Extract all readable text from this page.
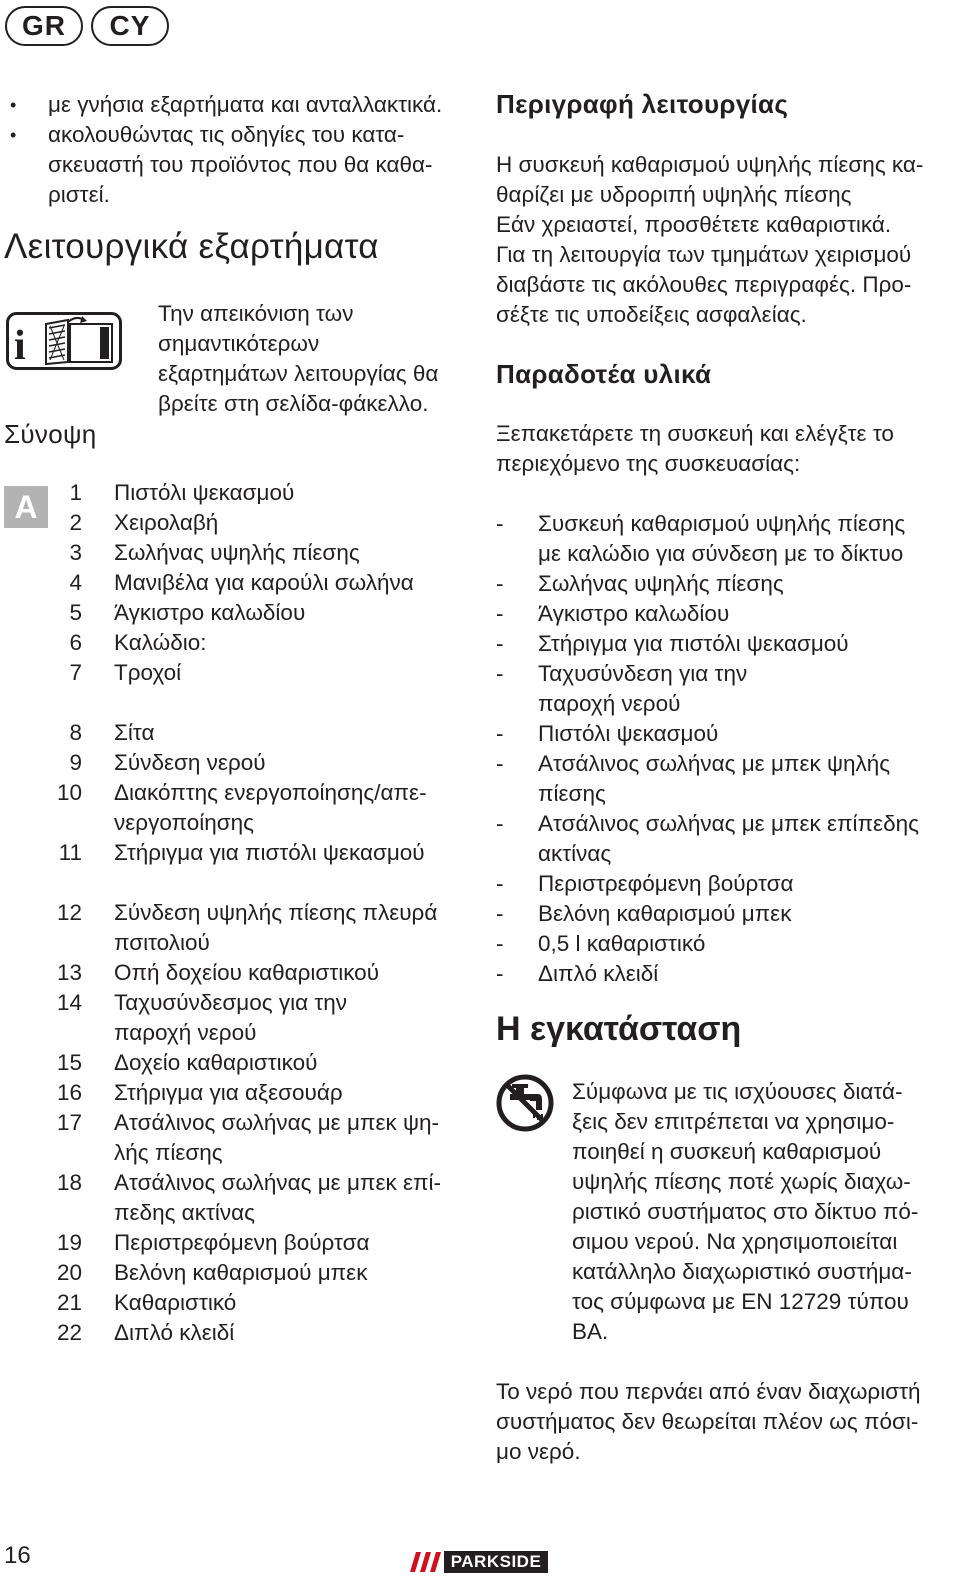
GR	CY
• με γνήσια εξαρτήματα και ανταλλακτικά.
• ακολουθώντας τις οδηγίες του κατα-
σκευαστή του προϊόντος που θα καθα-
ριστεί.
Λειτουργικά εξαρτήματα
i
Την απεικόνιση των
σημαντικότερων
εξαρτημάτων λειτουργίας θα
βρείτε στη σελίδα-φάκελλο.
Σύνοψη
A	1 Πιστόλι ψεκασμού
2 Χειρολαβή
3 Σωλήνας υψηλής πίεσης
4 Μανιβέλα για καρούλι σωλήνα
5 Άγκιστρο καλωδίου
6 Καλώδιο:
7 Τροχοί
8 Σίτα
9 Σύνδεση νερού
10 Διακόπτης ενεργοποίησης/απε-
νεργοποίησης
11 Στήριγμα για πιστόλι ψεκασμού
12 Σύνδεση υψηλής πίεσης πλευρά
πσιτολιού
13 Οπή δοχείου καθαριστικού
14 Ταχυσύνδεσμος για την
παροχή νερού
15 Δοχείο καθαριστικού
16 Στήριγμα για αξεσουάρ
17 Ατσάλινος σωλήνας με μπεκ ψη-
λής πίεσης
18 Ατσάλινος σωλήνας με μπεκ επί-
πεδης ακτίνας
19 Περιστρεφόμενη βούρτσα
20 Βελόνη καθαρισμού μπεκ
21 Καθαριστικό
22 Διπλό κλειδί
Περιγραφή λειτουργίας
Η συσκευή καθαρισμού υψηλής πίεσης κα-
θαρίζει με υδροριπή υψηλής πίεσης
Εάν χρειαστεί, προσθέτετε καθαριστικά.
Για τη λειτουργία των τμημάτων χειρισμού
διαβάστε τις ακόλουθες περιγραφές. Προ-
σέξτε τις υποδείξεις ασφαλείας.
Παραδοτέα υλικά
Ξεπακετάρετε τη συσκευή και ελέγξτε το
περιεχόμενο της συσκευασίας:
- Συσκευή καθαρισμού υψηλής πίεσης
με καλώδιο για σύνδεση με το δίκτυο
- Σωλήνας υψηλής πίεσης
- Άγκιστρο καλωδίου
- Στήριγμα για πιστόλι ψεκασμού
- Ταχυσύνδεση για την
παροχή νερού
- Πιστόλι ψεκασμού
- Ατσάλινος σωλήνας με μπεκ ψηλής
πίεσης
- Ατσάλινος σωλήνας με μπεκ επίπεδης
ακτίνας
- Περιστρεφόμενη βούρτσα
- Βελόνη καθαρισμού μπεκ
- 0,5 l καθαριστικό
- Διπλό κλειδί
Η εγκατάσταση
Σύμφωνα με τις ισχύουσες διατά-
ξεις δεν επιτρέπεται να χρησιμο-
ποιηθεί η συσκευή καθαρισμού
υψηλής πίεσης ποτέ χωρίς διαχω-
ριστικό συστήματος στο δίκτυο πό-
σιμου νερού. Να χρησιμοποιείται
κατάλληλο διαχωριστικό συστήμα-
τος σύμφωνα με EN 12729 τύπου
BA.
Το νερό που περνάει από έναν διαχωριστή
συστήματος δεν θεωρείται πλέον ως πόσι-
μο νερό.
16	PARKSIDE
